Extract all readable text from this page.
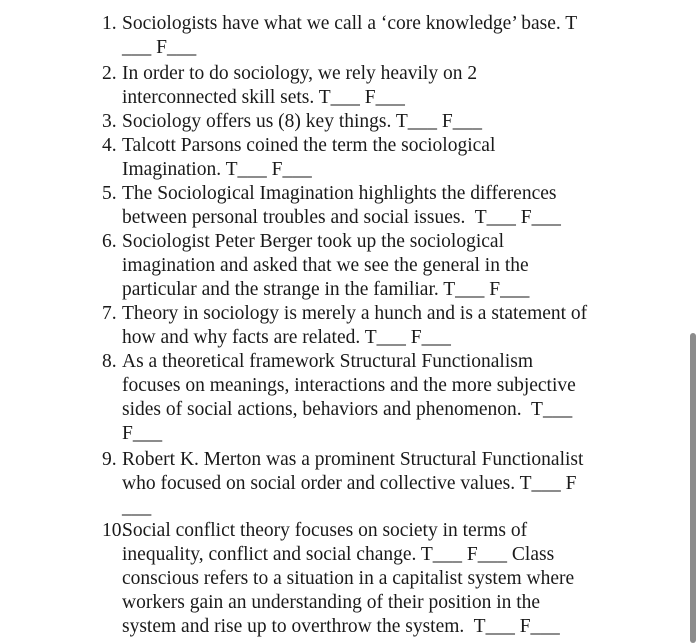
1. Sociologists have what we call a ‘core knowledge’ base. T
___ F___
2. In order to do sociology, we rely heavily on 2
interconnected skill sets. T___ F___
3. Sociology offers us (8) key things. T___ F___
4. Talcott Parsons coined the term the sociological
Imagination. T___ F___
5. The Sociological Imagination highlights the differences
between personal troubles and social issues.  T___ F___
6. Sociologist Peter Berger took up the sociological
imagination and asked that we see the general in the
particular and the strange in the familiar. T___ F___
7. Theory in sociology is merely a hunch and is a statement of
how and why facts are related. T___ F___
8. As a theoretical framework Structural Functionalism
focuses on meanings, interactions and the more subjective
sides of social actions, behaviors and phenomenon.  T___
F___
9. Robert K. Merton was a prominent Structural Functionalist
who focused on social order and collective values. T___ F
___
10.Social conflict theory focuses on society in terms of
inequality, conflict and social change. T___ F___ Class
conscious refers to a situation in a capitalist system where
workers gain an understanding of their position in the
system and rise up to overthrow the system.  T___ F___
